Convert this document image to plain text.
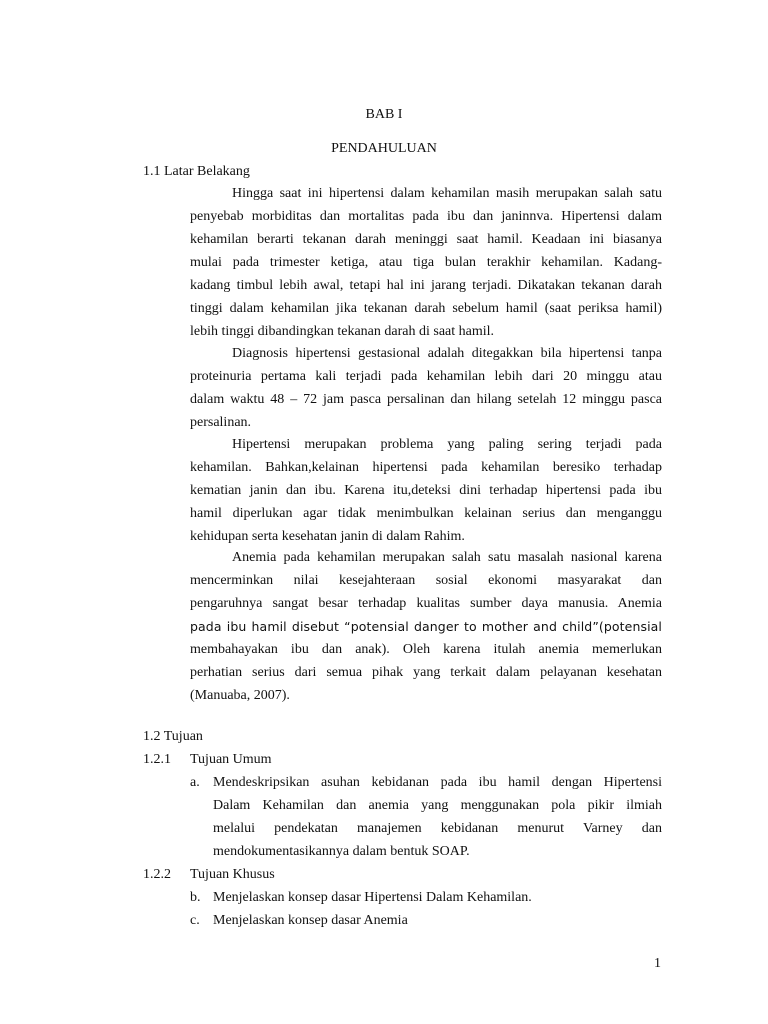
BAB I
PENDAHULUAN
1.1 Latar Belakang
Hingga saat ini hipertensi dalam kehamilan masih merupakan salah satu
penyebab morbiditas dan mortalitas pada ibu dan janinnva. Hipertensi dalam
kehamilan berarti tekanan darah meninggi saat hamil. Keadaan ini biasanya
mulai pada trimester ketiga, atau tiga bulan terakhir kehamilan. Kadang-
kadang timbul lebih awal, tetapi hal ini jarang terjadi. Dikatakan tekanan darah
tinggi dalam kehamilan jika tekanan darah sebelum hamil (saat periksa hamil)
lebih tinggi dibandingkan tekanan darah di saat hamil.
Diagnosis hipertensi gestasional adalah ditegakkan bila hipertensi tanpa
proteinuria pertama kali terjadi pada kehamilan lebih dari 20 minggu atau
dalam waktu 48 – 72 jam pasca persalinan dan hilang setelah 12 minggu pasca
persalinan.
Hipertensi merupakan problema yang paling sering terjadi pada
kehamilan. Bahkan,kelainan hipertensi pada kehamilan beresiko terhadap
kematian janin dan ibu. Karena itu,deteksi dini terhadap hipertensi pada ibu
hamil diperlukan agar tidak menimbulkan kelainan serius dan menganggu
kehidupan serta kesehatan janin di dalam Rahim.
Anemia pada kehamilan merupakan salah satu masalah nasional karena
mencerminkan nilai kesejahteraan sosial ekonomi masyarakat dan
pengaruhnya sangat besar terhadap kualitas sumber daya manusia. Anemia
pada ibu hamil disebut “potensial danger to mother and child”(potensial
membahayakan ibu dan anak). Oleh karena itulah anemia memerlukan
perhatian serius dari semua pihak yang terkait dalam pelayanan kesehatan
(Manuaba, 2007).
1.2 Tujuan
1.2.1 Tujuan Umum
a. Mendeskripsikan asuhan kebidanan pada ibu hamil dengan Hipertensi
Dalam Kehamilan dan anemia yang menggunakan pola pikir ilmiah
melalui pendekatan manajemen kebidanan menurut Varney dan
mendokumentasikannya dalam bentuk SOAP.
1.2.2 Tujuan Khusus
b. Menjelaskan konsep dasar Hipertensi Dalam Kehamilan.
c. Menjelaskan konsep dasar Anemia
1
